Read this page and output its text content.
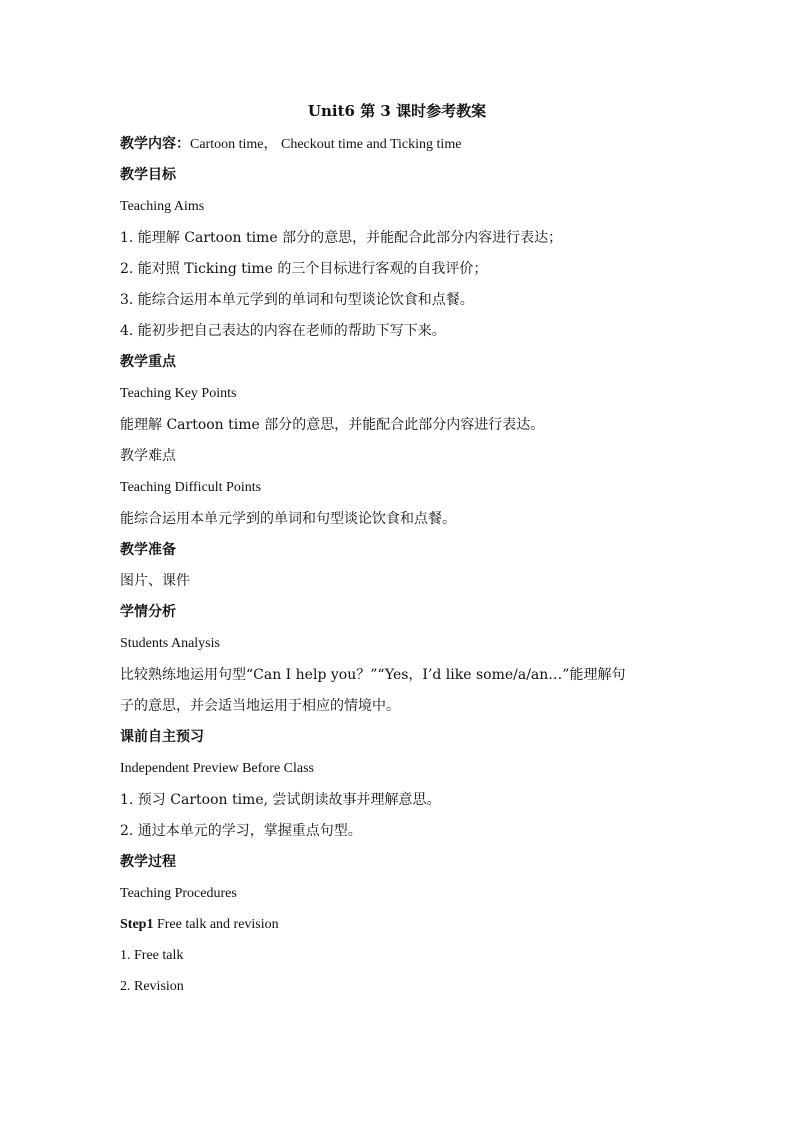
Unit6 第 3 课时参考教案
教学内容：Cartoon time， Checkout time and Ticking time
教学目标
Teaching Aims
1. 能理解 Cartoon time 部分的意思，并能配合此部分内容进行表达；
2. 能对照 Ticking time 的三个目标进行客观的自我评价；
3. 能综合运用本单元学到的单词和句型谈论饮食和点餐。
4. 能初步把自己表达的内容在老师的帮助下写下来。
教学重点
Teaching Key Points
能理解 Cartoon time 部分的意思，并能配合此部分内容进行表达。
教学难点
Teaching Difficult Points
能综合运用本单元学到的单词和句型谈论饮食和点餐。
教学准备
图片、课件
学情分析
Students Analysis
比较熟练地运用句型“Can I help you？”“Yes，I’d like some/a/an…”能理解句
子的意思，并会适当地运用于相应的情境中。
课前自主预习
Independent Preview Before Class
1. 预习 Cartoon time, 尝试朗读故事并理解意思。
2. 通过本单元的学习，掌握重点句型。
教学过程
Teaching Procedures
Step1 Free talk and revision
1. Free talk
2. Revision
